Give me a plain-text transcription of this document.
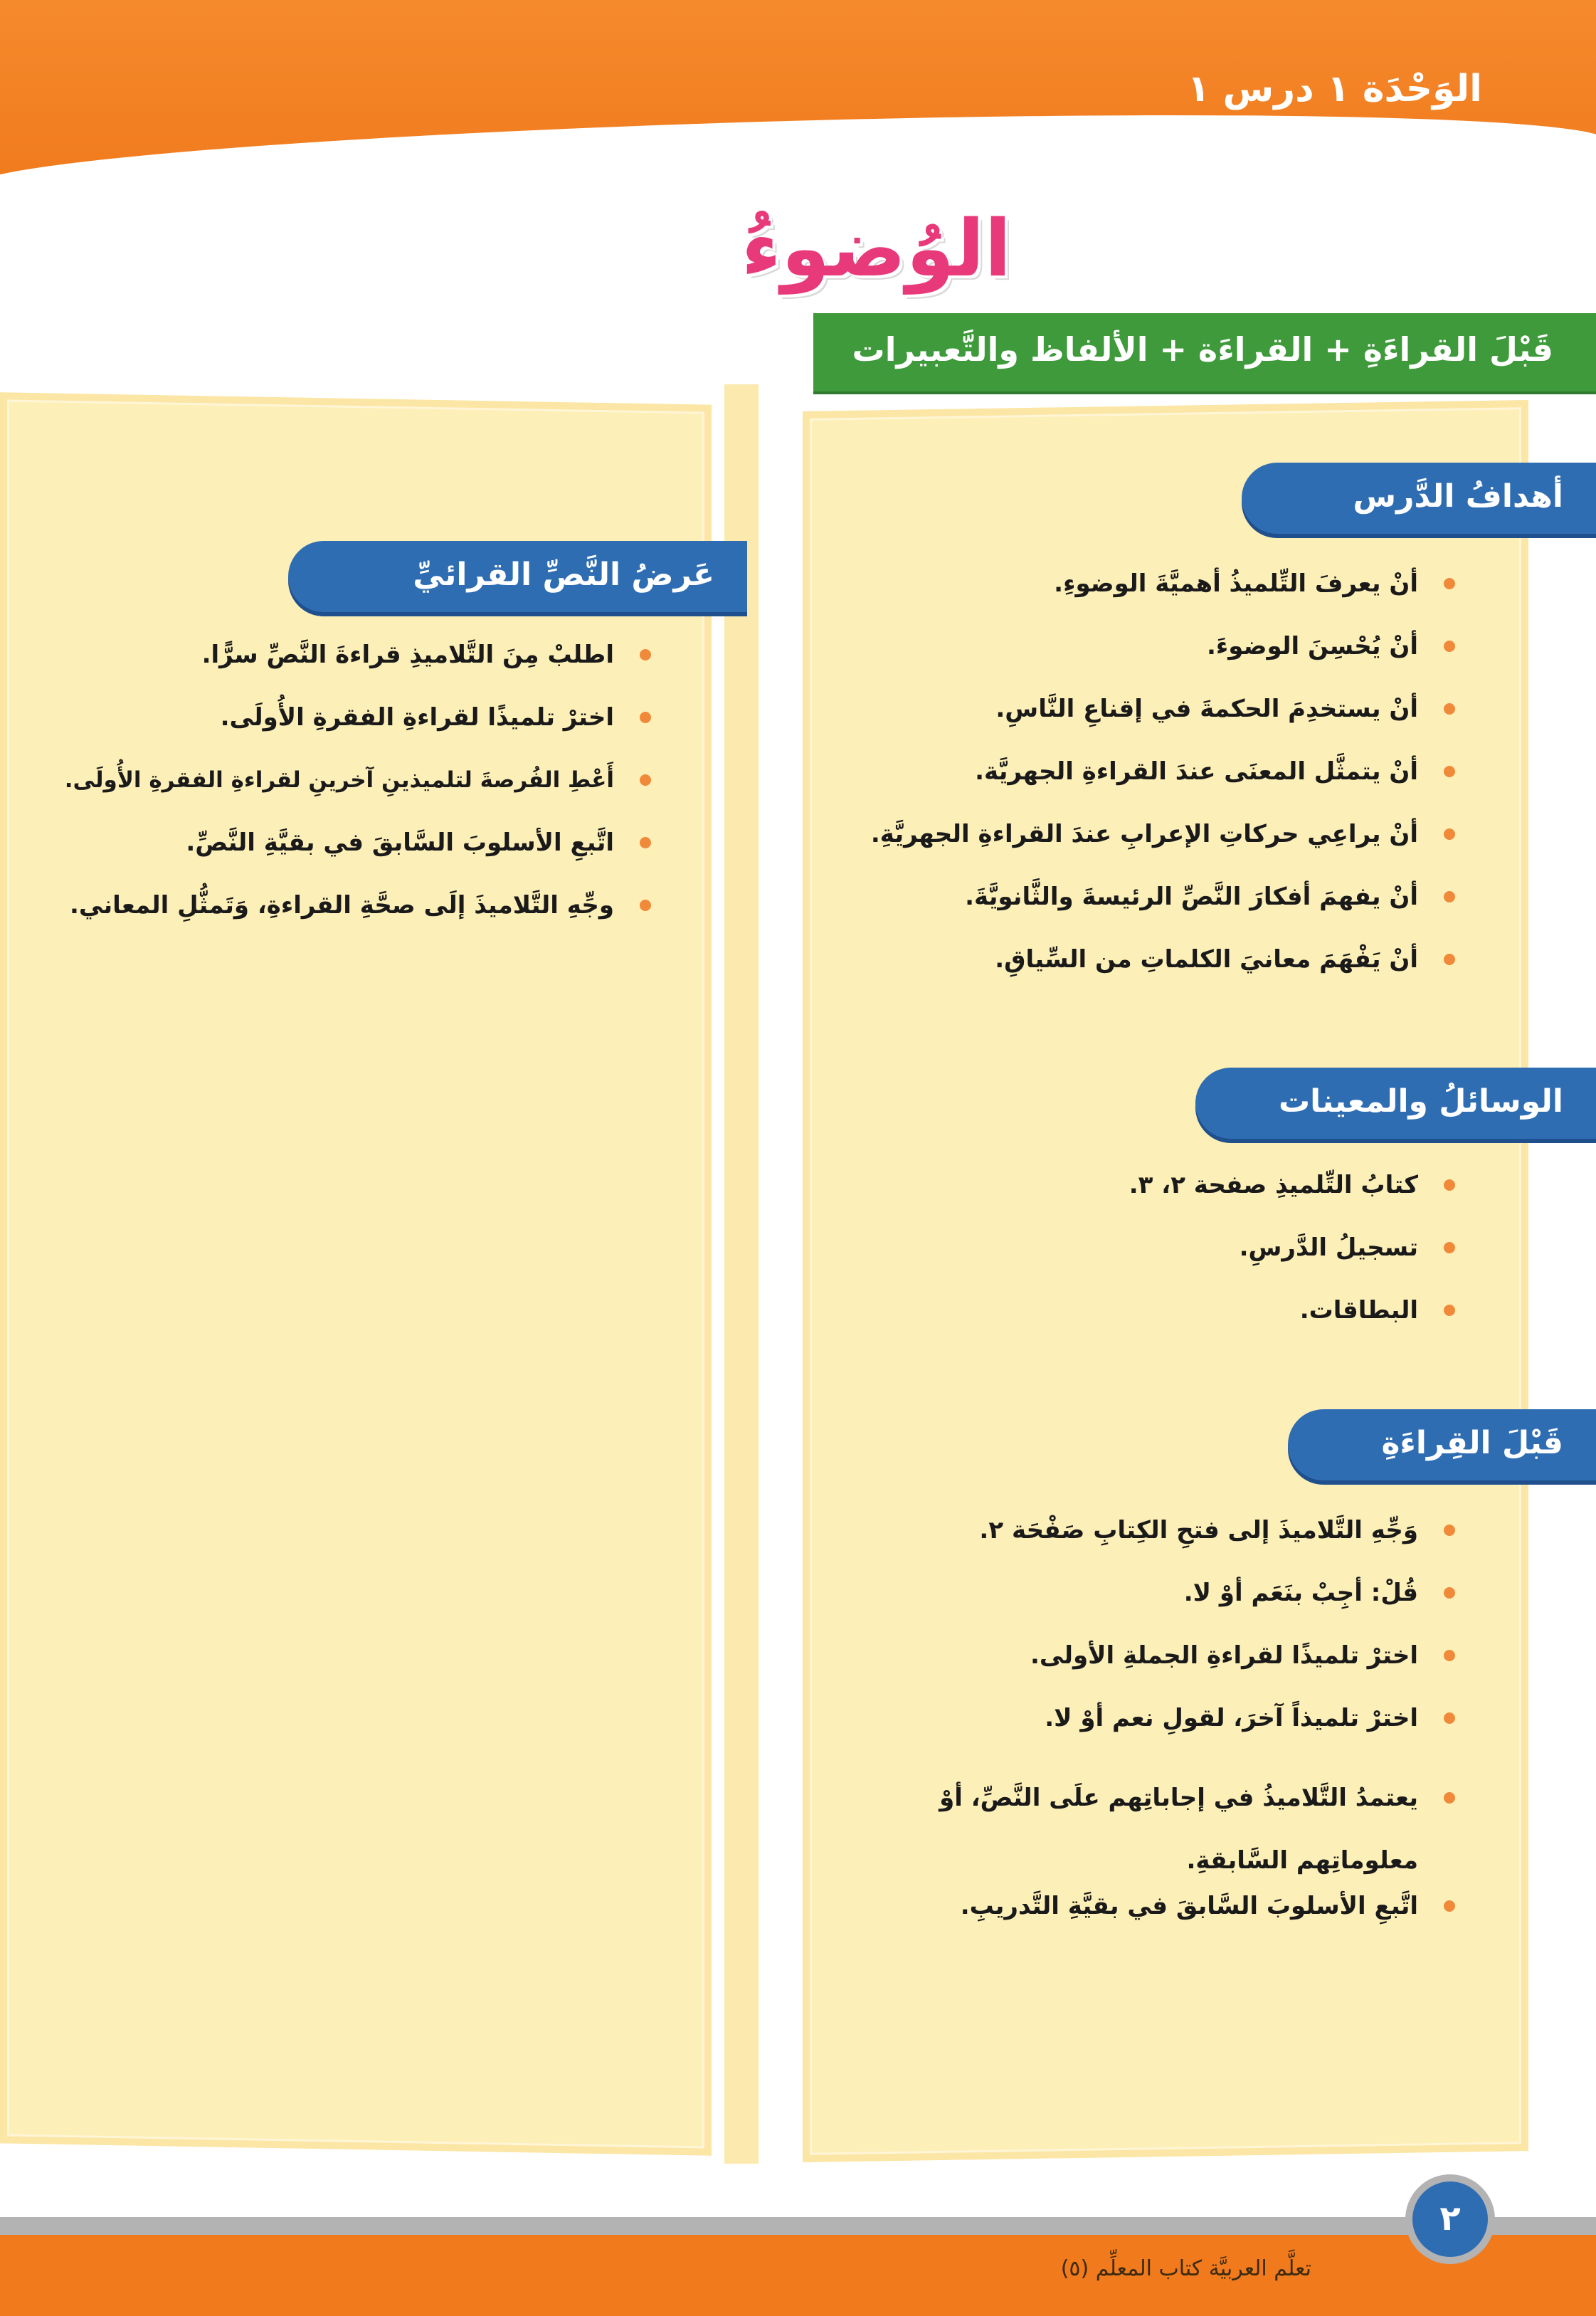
الوَحْدَة ١ درس ١
الوُضوءُ
قَبْلَ القراءَةِ + القراءَة + الألفاظ والتَّعبيرات
أهدافُ الدَّرس
أنْ يعرفَ التِّلميذُ أهميَّةَ الوضوءِ.
أنْ يُحْسِنَ الوضوءَ.
أنْ يستخدِمَ الحكمةَ في إقناعِ النَّاسِ.
أنْ يتمثَّل المعنَى عندَ القراءةِ الجهريَّة.
أنْ يراعِي حركاتِ الإعرابِ عندَ القراءةِ الجهريَّةِ.
أنْ يفهمَ أفكارَ النَّصِّ الرئيسةَ والثَّانويَّةَ.
أنْ يَفْهَمَ معانيَ الكلماتِ من السِّياقِ.
الوسائلُ والمعينات
كتابُ التِّلميذِ صفحة ٢، ٣.
تسجيلُ الدَّرسِ.
البطاقات.
قَبْلَ القِراءَةِ
وَجِّهِ التَّلاميذَ إلى فتحِ الكِتابِ صَفْحَة ٢.
قُلْ: أجِبْ بنَعَم أوْ لا.
اخترْ تلميذًا لقراءةِ الجملةِ الأولى.
اخترْ تلميذاً آخرَ، لقولِ نعم أوْ لا.
يعتمدُ التَّلاميذُ في إجاباتِهم علَى النَّصِّ، أوْ معلوماتِهم السَّابقةِ.
اتَّبعِ الأسلوبَ السَّابقَ في بقيَّةِ التَّدريبِ.
عَرضُ النَّصِّ القرائيِّ
اطلبْ مِنَ التَّلاميذِ قراءةَ النَّصِّ سرًّا.
اخترْ تلميذًا لقراءةِ الفقرةِ الأُولَى.
أَعْطِ الفُرصةَ لتلميذينِ آخرينِ لقراءةِ الفقرةِ الأُولَى.
اتَّبعِ الأسلوبَ السَّابقَ في بقيَّةِ النَّصِّ.
وجِّهِ التَّلاميذَ إلَى صحَّةِ القراءةِ، وَتَمثُّلِ المعاني.
تعلَّم العربيَّة كتاب المعلِّم (٥)
٢
